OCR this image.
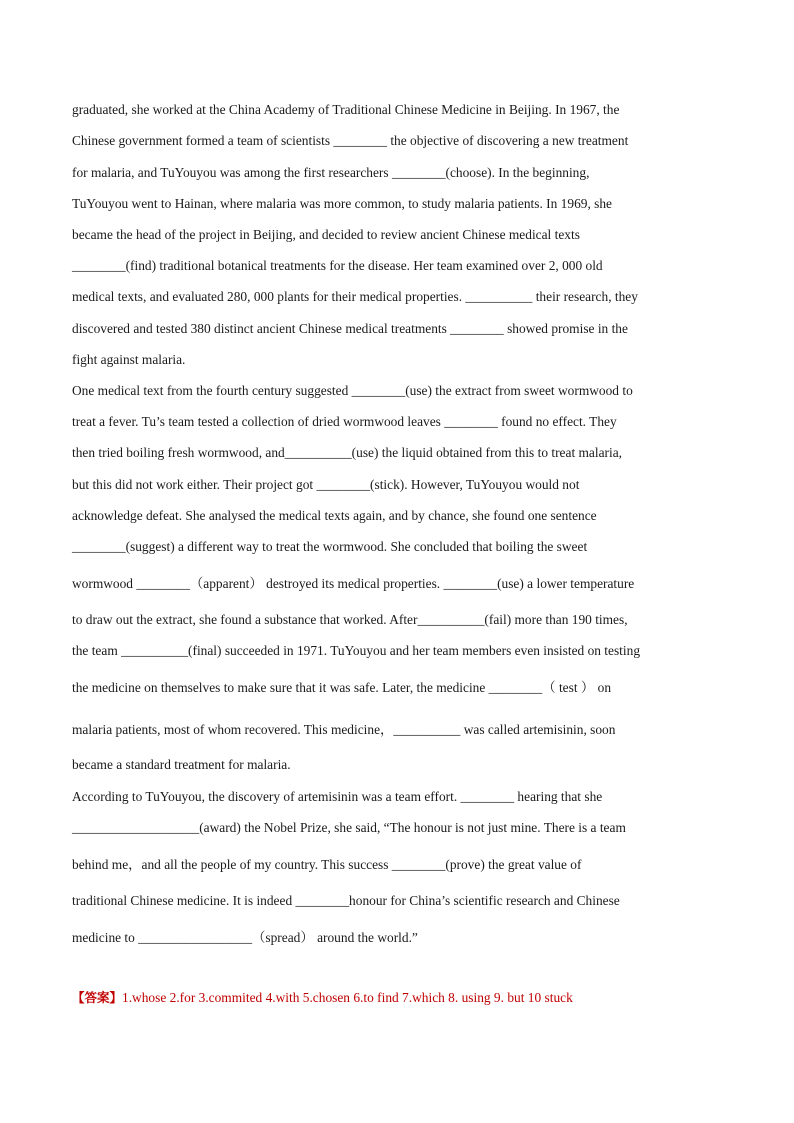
graduated, she worked at the China Academy of Traditional Chinese Medicine in Beijing. In 1967, the
Chinese government formed a team of scientists ________ the objective of discovering a new treatment
for malaria, and TuYouyou was among the first researchers ________(choose). In the beginning,
TuYouyou went to Hainan, where malaria was more common, to study malaria patients. In 1969, she
became the head of the project in Beijing, and decided to review ancient Chinese medical texts
________(find) traditional botanical treatments for the disease. Her team examined over 2, 000 old
medical texts, and evaluated 280, 000 plants for their medical properties. __________ their research, they
discovered and tested 380 distinct ancient Chinese medical treatments ________ showed promise in the
fight against malaria.
One medical text from the fourth century suggested ________(use) the extract from sweet wormwood to
treat a fever. Tu’s team tested a collection of dried wormwood leaves ________ found no effect. They
then tried boiling fresh wormwood, and__________(use) the liquid obtained from this to treat malaria,
but this did not work either. Their project got ________(stick). However, TuYouyou would not
acknowledge defeat. She analysed the medical texts again, and by chance, she found one sentence
________(suggest) a different way to treat the wormwood. She concluded that boiling the sweet
wormwood ________（apparent） destroyed its medical properties. ________(use) a lower temperature
to draw out the extract, she found a substance that worked. After__________(fail) more than 190 times,
the team __________(final) succeeded in 1971. TuYouyou and her team members even insisted on testing
the medicine on themselves to make sure that it was safe. Later, the medicine ________（ test ） on
malaria patients, most of whom recovered. This medicine，__________ was called artemisinin, soon
became a standard treatment for malaria.
According to TuYouyou, the discovery of artemisinin was a team effort. ________ hearing that she
___________________(award) the Nobel Prize, she said, “The honour is not just mine. There is a team
behind me，and all the people of my country. This success ________(prove) the great value of
traditional Chinese medicine. It is indeed ________honour for China’s scientific research and Chinese
medicine to _________________（spread） around the world.”
【答案】1.whose 2.for 3.commited 4.with 5.chosen 6.to find 7.which 8. using 9. but 10 stuck
